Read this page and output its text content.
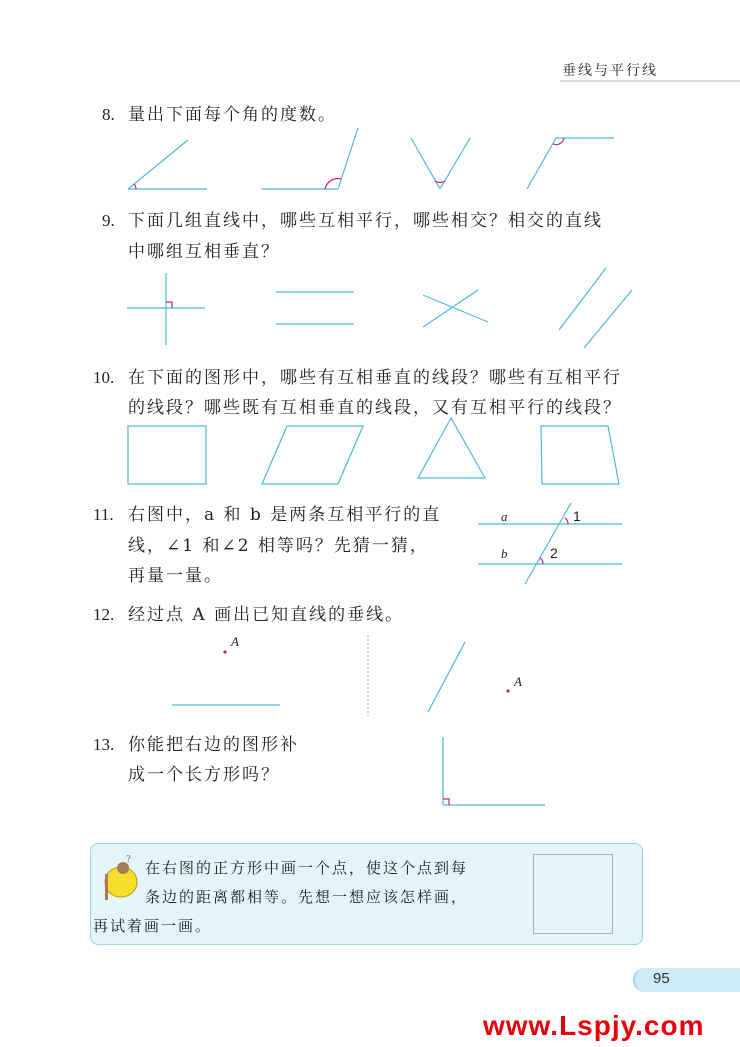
垂线与平行线
8. 量出下面每个角的度数。
9. 下面几组直线中，哪些互相平行，哪些相交？相交的直线
中哪组互相垂直？
10. 在下面的图形中，哪些有互相垂直的线段？哪些有互相平行
的线段？哪些既有互相垂直的线段，又有互相平行的线段？
11. 右图中，a 和 b 是两条互相平行的直
线，∠1 和∠2 相等吗？先猜一猜，
再量一量。
12. 经过点 A 画出已知直线的垂线。
13. 你能把右边的图形补
成一个长方形吗？
a
b
1
2
A
A
? 在右图的正方形中画一个点，使这个点到每
条边的距离都相等。先想一想应该怎样画，
再试着画一画。
95
www.Lspjy.com
